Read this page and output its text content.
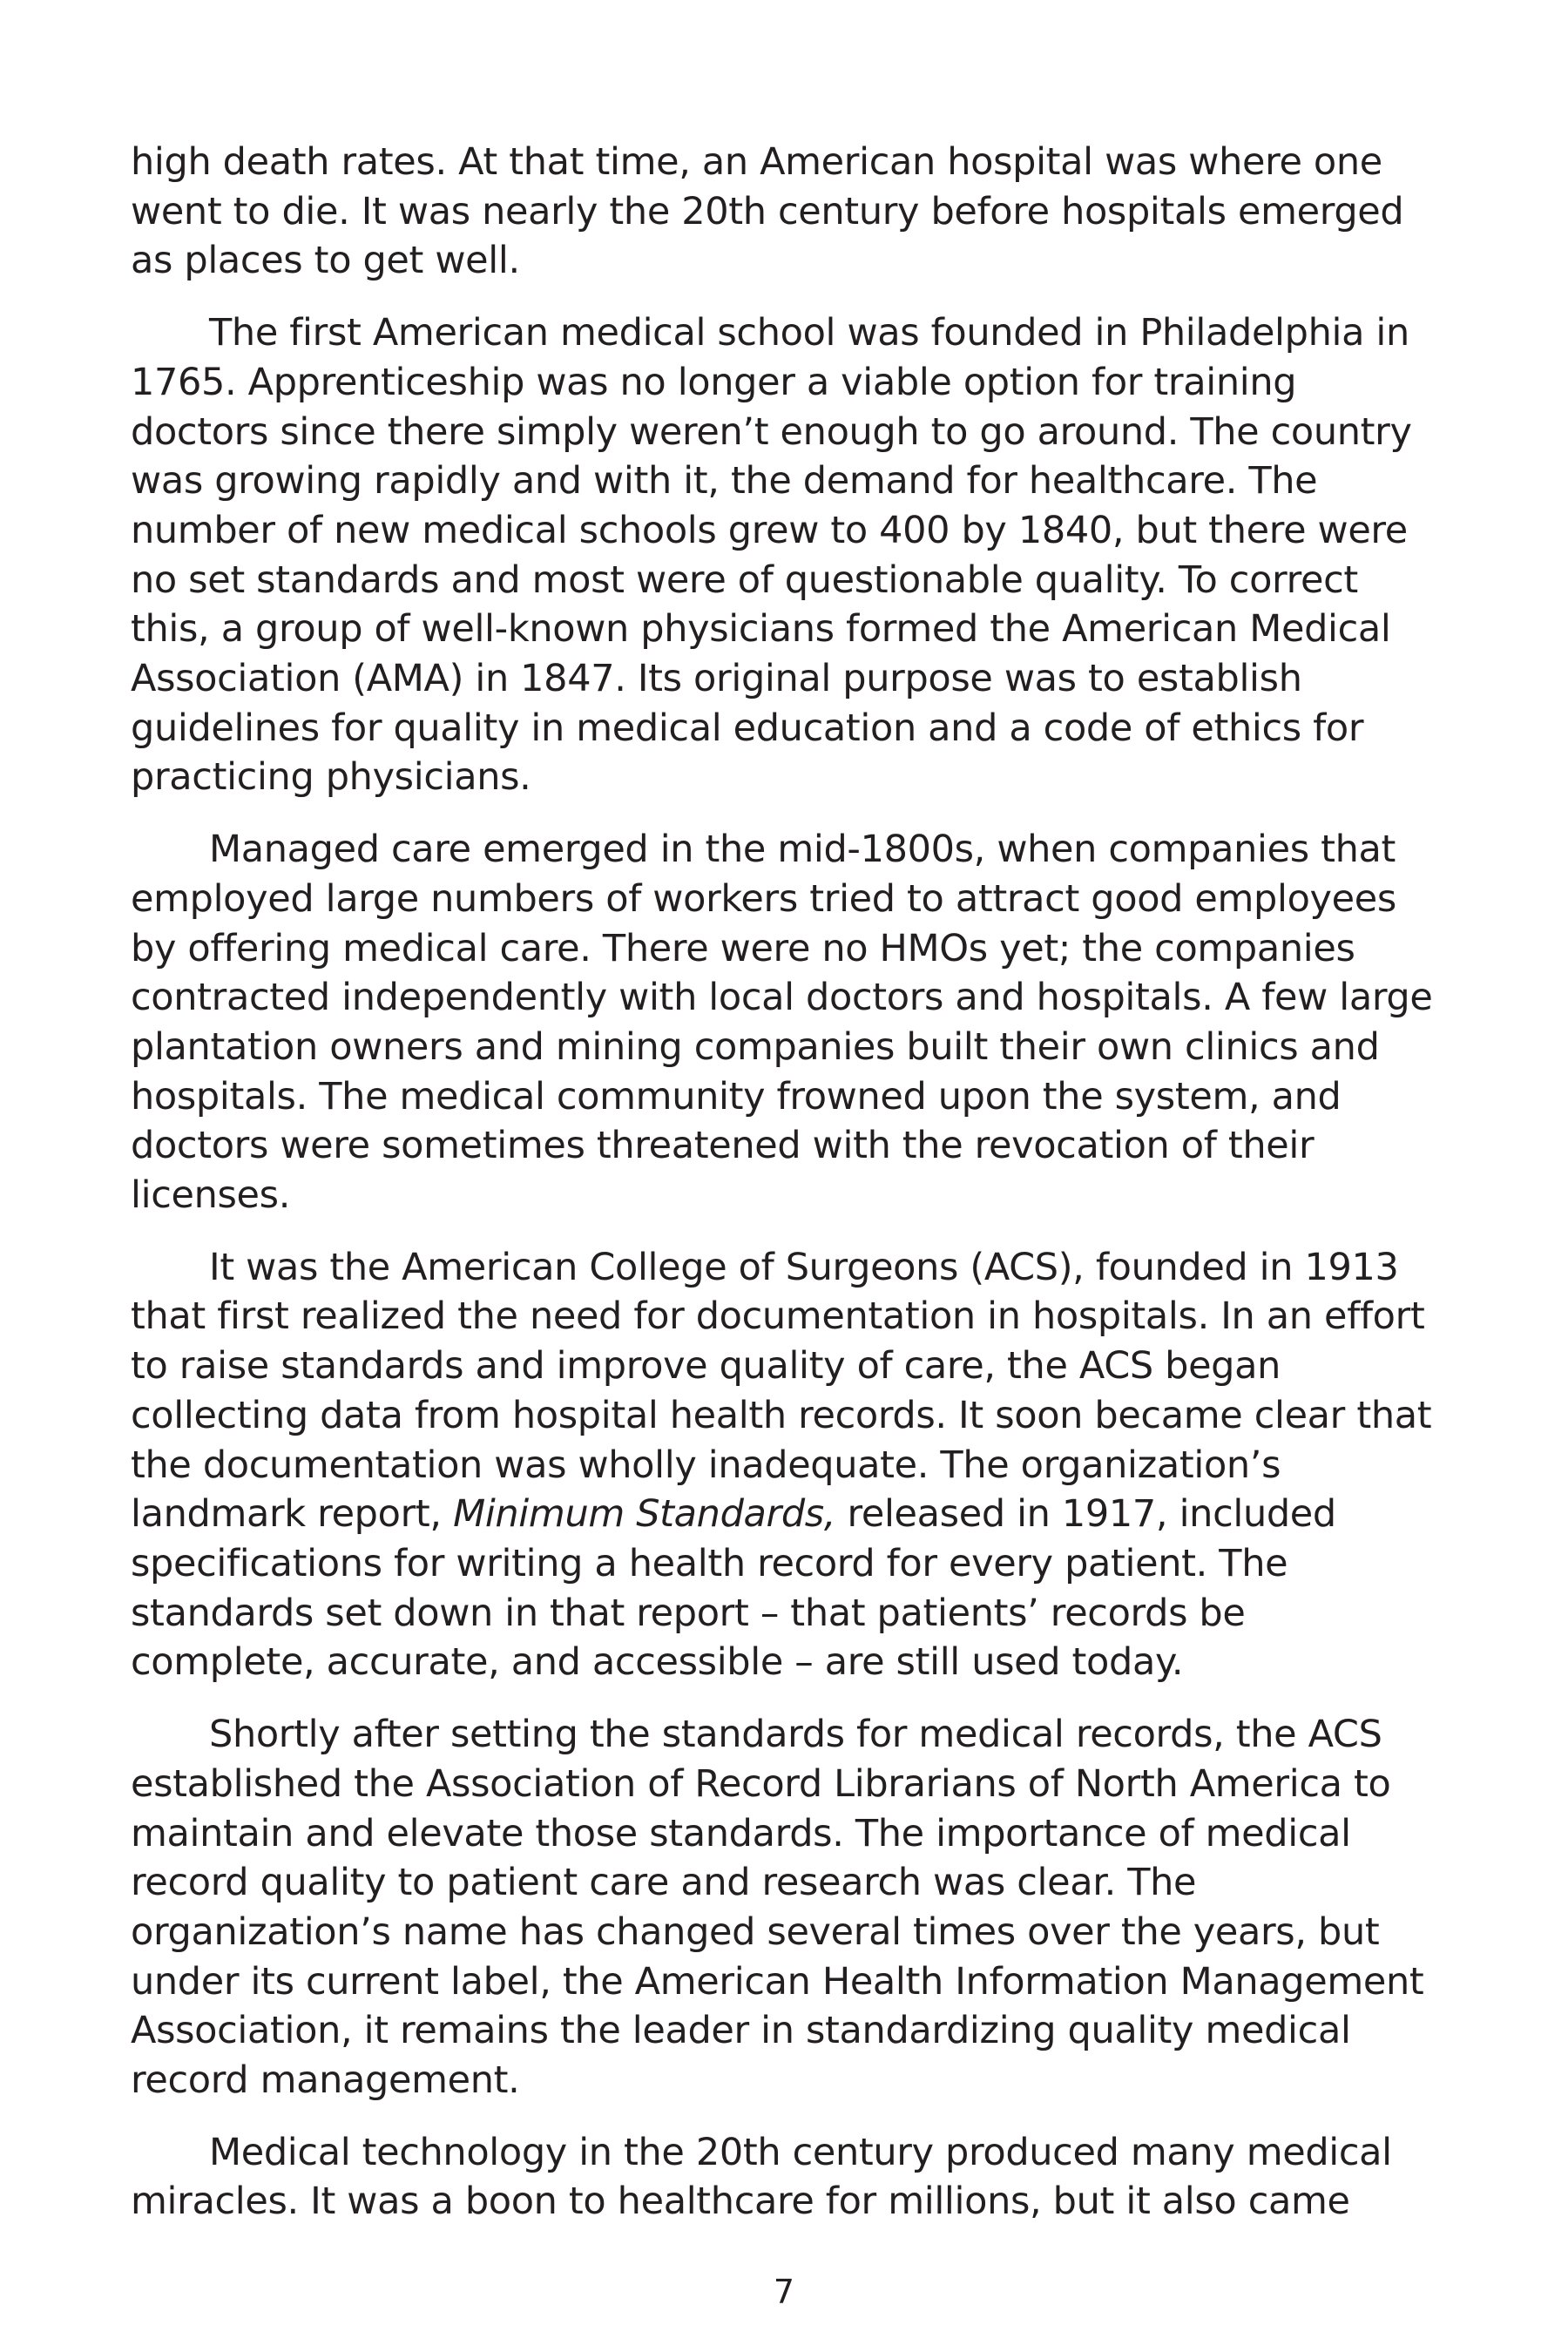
high death rates. At that time, an American hospital was where one went to die. It was nearly the 20th century before hospitals emerged as places to get well.

The first American medical school was founded in Philadelphia in 1765. Apprenticeship was no longer a viable option for training doctors since there simply weren’t enough to go around. The country was growing rapidly and with it, the demand for healthcare. The number of new medical schools grew to 400 by 1840, but there were no set standards and most were of questionable quality. To correct this, a group of well-known physicians formed the American Medical Association (AMA) in 1847. Its original purpose was to establish guidelines for quality in medical education and a code of ethics for practicing physicians.

Managed care emerged in the mid-1800s, when companies that employed large numbers of workers tried to attract good employees by offering medical care. There were no HMOs yet; the companies contracted independently with local doctors and hospitals. A few large plantation owners and mining companies built their own clinics and hospitals. The medical community frowned upon the system, and doctors were sometimes threatened with the revocation of their licenses.

It was the American College of Surgeons (ACS), founded in 1913 that first realized the need for documentation in hospitals. In an effort to raise standards and improve quality of care, the ACS began collecting data from hospital health records. It soon became clear that the documentation was wholly inadequate. The organization’s landmark report, Minimum Standards, released in 1917, included specifications for writing a health record for every patient. The standards set down in that report – that patients’ records be complete, accurate, and accessible – are still used today.

Shortly after setting the standards for medical records, the ACS established the Association of Record Librarians of North America to maintain and elevate those standards. The importance of medical record quality to patient care and research was clear. The organization’s name has changed several times over the years, but under its current label, the American Health Information Management Association, it remains the leader in standardizing quality medical record management.

Medical technology in the 20th century produced many medical miracles. It was a boon to healthcare for millions, but it also came

7
